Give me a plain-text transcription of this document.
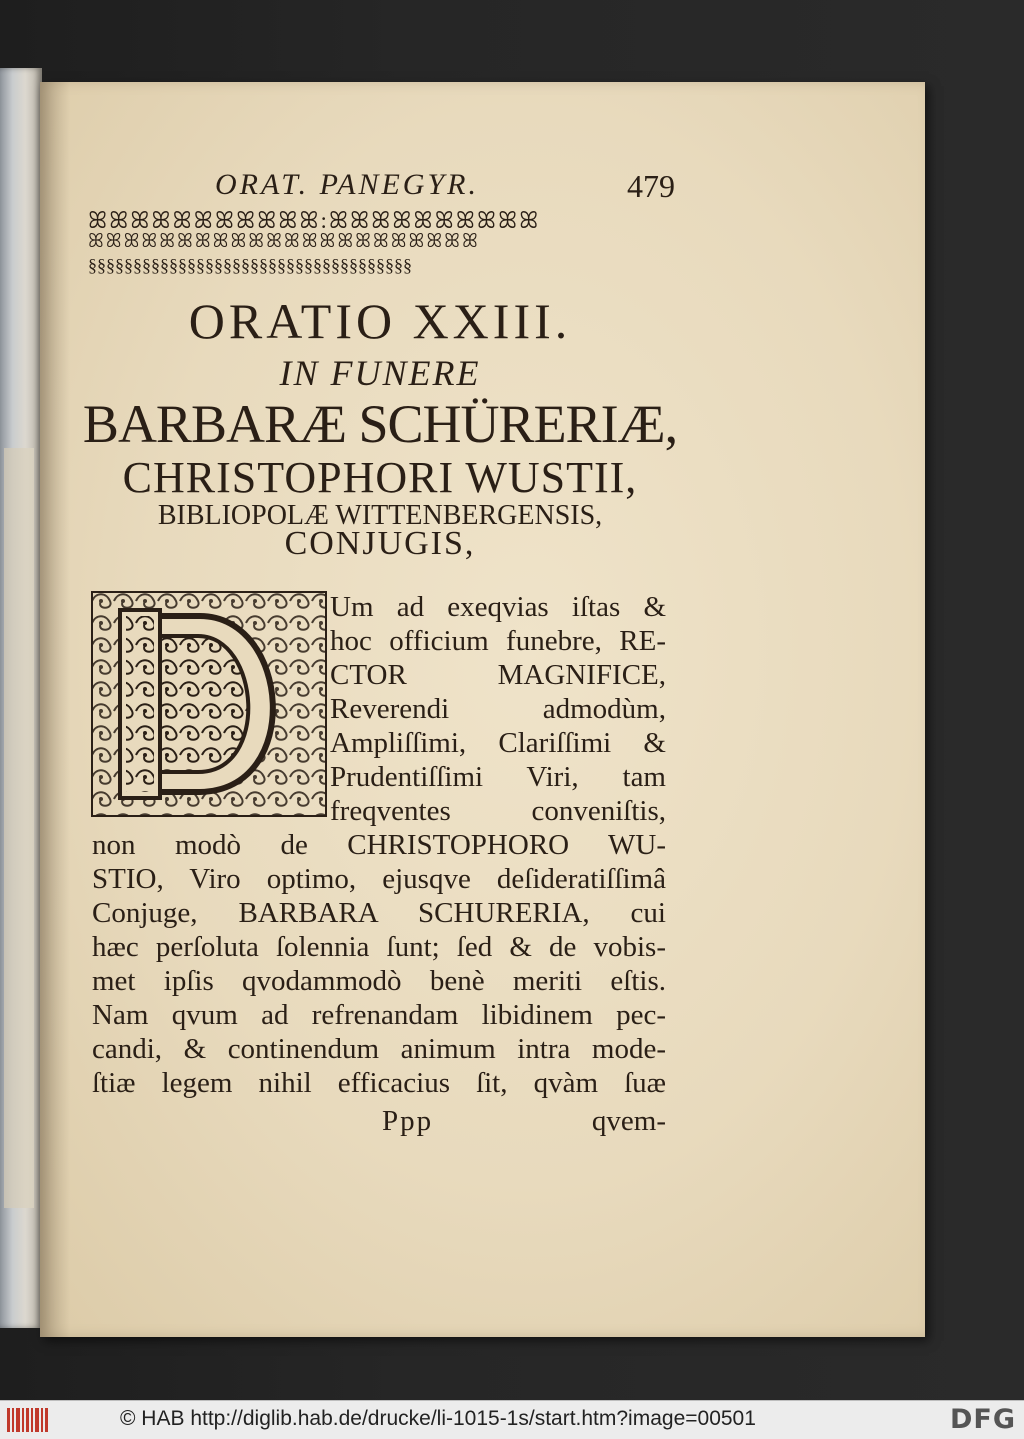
ORAT. PANEGYR.	479
ꕤꕤꕤꕤꕤꕤꕤꕤꕤꕤꕤ:ꕤꕤꕤꕤꕤꕤꕤꕤꕤꕤ
ꕤꕤꕤꕤꕤꕤꕤꕤꕤꕤꕤꕤꕤꕤꕤꕤꕤꕤꕤꕤꕤꕤ
§§§§§§§§§§§§§§§§§§§§§§§§§§§§§§§§§§§§
ORATIO XXIII.
IN FUNERE
BARBARÆ SCHÜRERIÆ,
CHRISTOPHORI WUSTII,
BIBLIOPOLÆ WITTENBERGENSIS,
CONJUGIS,
Um ad exeqvias iſtas &
hoc officium funebre, RE-
CTOR MAGNIFICE,
Reverendi admodùm,
Ampliſſimi, Clariſſimi &
Prudentiſſimi Viri, tam
freqventes conveniſtis,
non modò de CHRISTOPHORO WU-
STIO, Viro optimo, ejusqve deſideratiſſimâ
Conjuge, BARBARA SCHURERIA, cui
hæc perſoluta ſolennia ſunt; ſed & de vobis-
met ipſis qvodammodò benè meriti eſtis.
Nam qvum ad refrenandam libidinem pec-
candi, & continendum animum intra mode-
ſtiæ legem nihil efficacius ſit, qvàm ſuæ
Ppp	qvem-
© HAB http://diglib.hab.de/drucke/li-1015-1s/start.htm?image=00501	DFG
